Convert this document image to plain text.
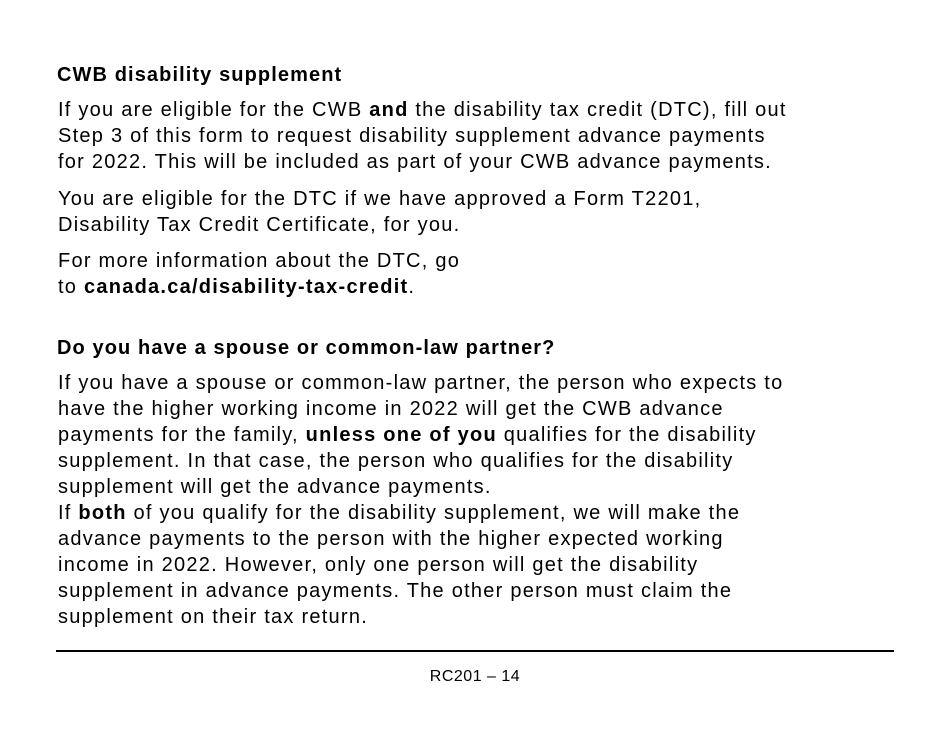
CWB disability supplement

If you are eligible for the CWB and the disability tax credit (DTC), fill out
Step 3 of this form to request disability supplement advance payments
for 2022. This will be included as part of your CWB advance payments.

You are eligible for the DTC if we have approved a Form T2201,
Disability Tax Credit Certificate, for you.

For more information about the DTC, go
to canada.ca/disability-tax-credit.

Do you have a spouse or common-law partner?

If you have a spouse or common-law partner, the person who expects to
have the higher working income in 2022 will get the CWB advance
payments for the family, unless one of you qualifies for the disability
supplement. In that case, the person who qualifies for the disability
supplement will get the advance payments.

If both of you qualify for the disability supplement, we will make the
advance payments to the person with the higher expected working
income in 2022. However, only one person will get the disability
supplement in advance payments. The other person must claim the
supplement on their tax return.

RC201 – 14
